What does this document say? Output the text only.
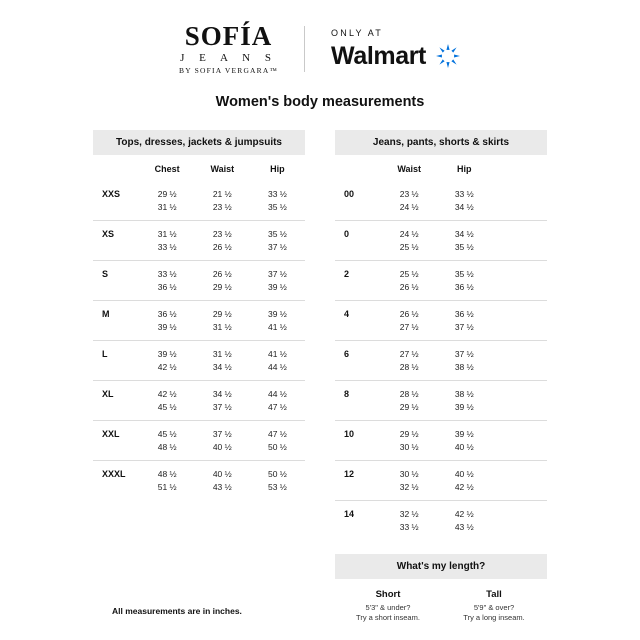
SOFÍA
J E A N S
BY SOFIA VERGARA™
ONLY AT
Walmart
Women's body measurements
Tops, dresses, jackets & jumpsuits
	Chest	Waist	Hip
XXS	29 ½	21 ½	33 ½
	31 ½	23 ½	35 ½

XS	31 ½	23 ½	35 ½
	33 ½	26 ½	37 ½

S	33 ½	26 ½	37 ½
	36 ½	29 ½	39 ½

M	36 ½	29 ½	39 ½
	39 ½	31 ½	41 ½

L	39 ½	31 ½	41 ½
	42 ½	34 ½	44 ½

XL	42 ½	34 ½	44 ½
	45 ½	37 ½	47 ½

XXL	45 ½	37 ½	47 ½
	48 ½	40 ½	50 ½

XXXL	48 ½	40 ½	50 ½
	51 ½	43 ½	53 ½
Jeans, pants, shorts & skirts
	Waist	Hip	
00	23 ½	33 ½	
	24 ½	34 ½	

0	24 ½	34 ½	
	25 ½	35 ½	

2	25 ½	35 ½	
	26 ½	36 ½	

4	26 ½	36 ½	
	27 ½	37 ½	

6	27 ½	37 ½	
	28 ½	38 ½	

8	28 ½	38 ½	
	29 ½	39 ½	

10	29 ½	39 ½	
	30 ½	40 ½	

12	30 ½	40 ½	
	32 ½	42 ½	

14	32 ½	42 ½	
	33 ½	43 ½	
What's my length?
Short
5'3" & under?
Try a short inseam.
Tall
5'9" & over?
Try a long inseam.
All measurements are in inches.
